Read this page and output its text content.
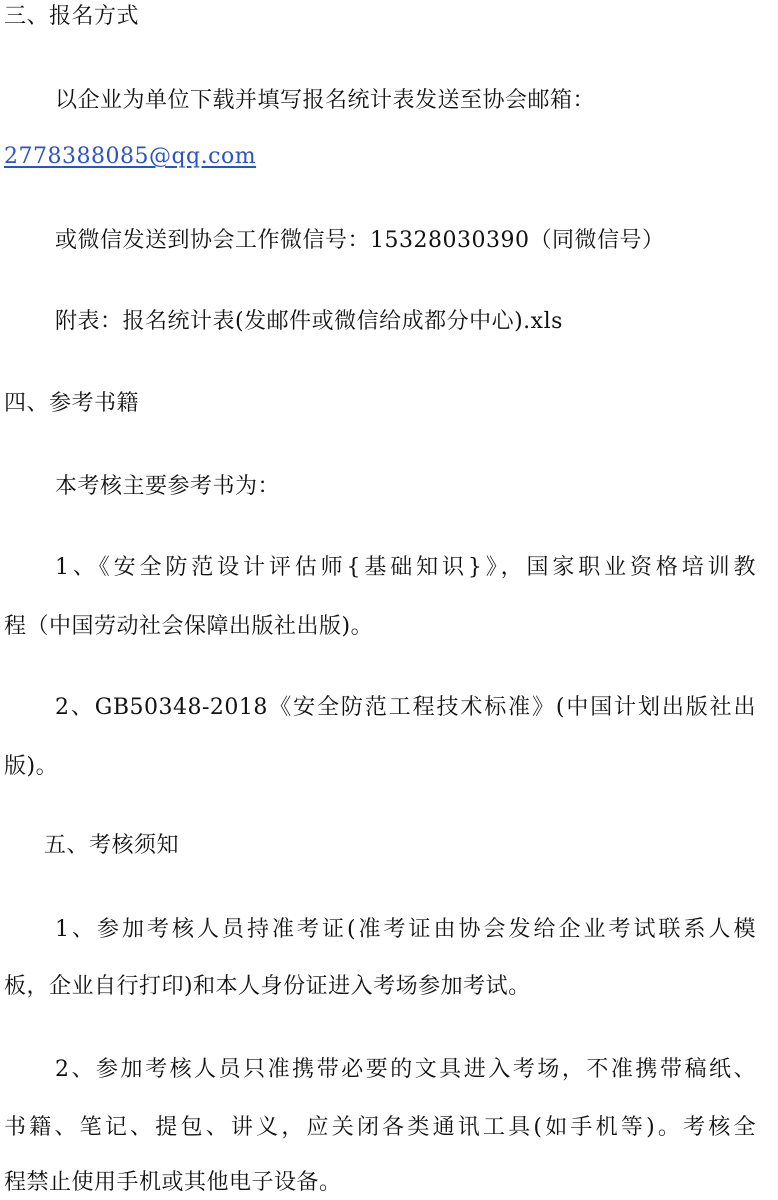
三、报名方式
以企业为单位下载并填写报名统计表发送至协会邮箱：
2778388085@qq.com
或微信发送到协会工作微信号：15328030390（同微信号）
附表：报名统计表(发邮件或微信给成都分中心).xls
四、参考书籍
本考核主要参考书为：
1、《安全防范设计评估师{基础知识}》，国家职业资格培训教
程（中国劳动社会保障出版社出版)。
2、GB50348-2018《安全防范工程技术标准》(中国计划出版社出
版)。
五、考核须知
1、参加考核人员持准考证(准考证由协会发给企业考试联系人模
板，企业自行打印)和本人身份证进入考场参加考试。
2、参加考核人员只准携带必要的文具进入考场，不准携带稿纸、
书籍、笔记、提包、讲义，应关闭各类通讯工具(如手机等)。考核全
程禁止使用手机或其他电子设备。
